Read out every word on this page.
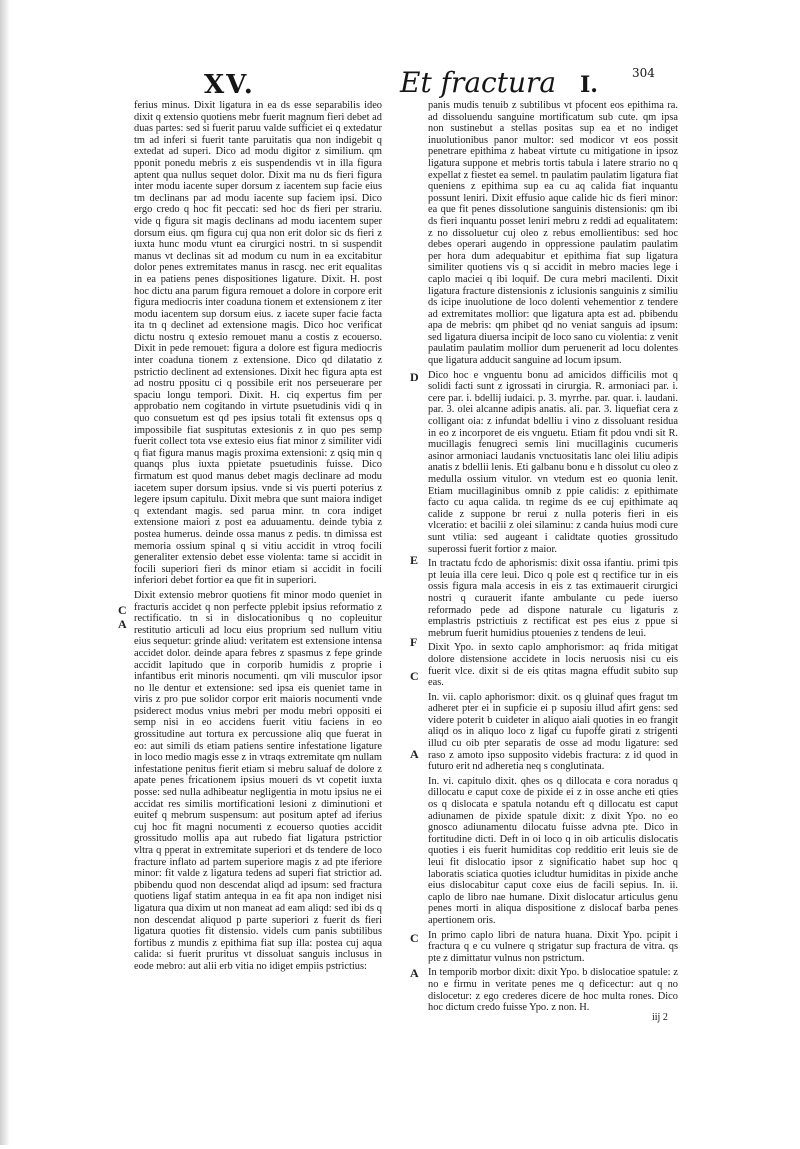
XV.	Et fractura I.	304

ferius minus. Dixit ligatura in ea ds esse separabilis ideo dixit q extensio quotiens mebr fuerit magnum fieri debet ad duas partes: sed si fuerit paruu valde sufficiet ei q extedatur tm ad inferi si fuerit tante paruitatis qua non indigebit q extedat ad superi. Dico ad modu digitor z similium. qm pponit ponedu mebris z eis suspendendis vt in illa figura aptent qua nullus sequet dolor. Dixit ma nu ds fieri figura inter modu iacente super dorsum z iacentem sup facie eius tm declinans par ad modu iacente sup faciem ipsi. Dico ergo credo q hoc fit peccati: sed hoc ds fieri per strariu. vide q figura sit magis declinans ad modu iacentem super dorsum eius. qm figura cuj qua non erit dolor sic ds fieri z iuxta hunc modu vtunt ea cirurgici nostri. tn si suspendit manus vt declinas sit ad modum cu num in ea excitabitur dolor penes extremitates manus in rascg. nec erit equalitas in ea patiens penes dispositiones ligature. Dixit. H. post hoc dictu ana parum figura remouet a dolore in corpore erit figura mediocris inter coaduna tionem et extensionem z iter modu iacentem sup dorsum eius. z iacete super facie facta ita tn q declinet ad extensione magis. Dico hoc verificat dictu nostru q extesio remouet manu a costis z ecouerso. Dixit in pede remouet: figura a dolore est figura mediocris inter coaduna tionem z extensione. Dico qd dilatatio z pstrictio declinent ad extensiones. Dixit hec figura apta est ad nostru ppositu ci q possibile erit nos perseuerare per spaciu longu tempori. Dixit. H. ciq expertus fim per approbatio nem cogitando in virtute psuetudinis vidi q in quo consuetum est qd pes ipsius totali fit extensus ops q impossibile fiat suspitutas extesionis z in quo pes semp fuerit collect tota vse extesio eius fiat minor z similiter vidi q fiat figura manus magis proxima extensioni: z qsiq min q quanqs plus iuxta ppietate psuetudinis fuisse. Dico firmatum est quod manus debet magis declinare ad modu iacetem super dorsum ipsius. vnde si vis puerti poterius z legere ipsum capitulu. Dixit mebra que sunt maiora indiget q extendant magis. sed parua minr. tn cora indiget extensione maiori z post ea aduuamentu. deinde tybia z postea humerus. deinde ossa manus z pedis. tn dimissa est memoria ossium spinal q si vitiu accidit in vtroq focili generaliter extensio debet esse violenta: tame si accidit in focili superiori fieri ds minor etiam si accidit in focili inferiori debet fortior ea que fit in superiori.

Dixit extensio mebror quotiens fit minor modo queniet in fracturis accidet q non perfecte pplebit ipsius reformatio z rectificatio. tn si in dislocationibus q no copleuitur restitutio articuli ad locu eius proprium sed nullum vitiu eius sequetur: grinde aliud: veritatem est extensione intensa accidet dolor. deinde apara febres z spasmus z fepe grinde accidit lapitudo que in corporib humidis z proprie i infantibus erit minoris nocumenti. qm vili musculor ipsor no lle dentur et extensione: sed ipsa eis queniet tame in viris z pro pue solidor corpor erit maioris nocumenti vnde psiderect modus vnius mebri per modu mebri oppositi ei semp nisi in eo accidens fuerit vitiu faciens in eo grossitudine aut tortura ex percussione aliq que fuerat in eo: aut simili ds etiam patiens sentire infestatione ligature in loco medio magis esse z in vtraqs extremitate qm nullam infestatione penitus fierit etiam si mebru saluaf de dolore z apate penes fricationem ipsius moueri ds vt copetit iuxta posse: sed nulla adhibeatur negligentia in motu ipsius ne ei accidat res similis mortificationi lesioni z diminutioni et euitef q mebrum suspensum: aut positum aptef ad iferius cuj hoc fit magni nocumenti z ecouerso quoties accidit grossitudo mollis apa aut rubedo fiat ligatura pstrictior vltra q pperat in extremitate superiori et ds tendere de loco fracture inflato ad partem superiore magis z ad pte iferiore minor: fit valde z ligatura tedens ad superi fiat strictior ad. pbibendu quod non descendat aliqd ad ipsum: sed fractura quotiens ligaf statim antequa in ea fit apa non indiget nisi ligatura qua dixim ut non maneat ad eam aliqd: sed ibi ds q non descendat aliquod p parte superiori z fuerit ds fieri ligatura quoties fit distensio. videls cum panis subtilibus fortibus z mundis z epithima fiat sup illa: postea cuj aqua calida: si fuerit pruritus vt dissoluat sanguis inclusus in eode mebro: aut alii erb vitia no idiget empiis pstrictius:

C
A

panis mudis tenuib z subtilibus vt pfocent eos epithima ra. ad dissoluendu sanguine mortificatum sub cute. qm ipsa non sustinebut a stellas positas sup ea et no indiget inuolutionibus panor multor: sed modicor vt eos possit penetrare epithima z habeat virtute cu mitigatione in ipsoz ligatura suppone et mebris tortis tabula i latere strario no q expellat z fiestet ea semel. tn paulatim paulatim ligatura fiat queniens z epithima sup ea cu aq calida fiat inquantu possunt leniri. Dixit effusio aque calide hic ds fieri minor: ea que fit penes dissolutione sanguinis distensionis: qm ibi ds fieri inquantu posset leniri mebru z reddi ad equalitatem: z no dissoluetur cuj oleo z rebus emollientibus: sed hoc debes operari augendo in oppressione paulatim paulatim per hora dum adequabitur et epithima fiat sup ligatura similiter quotiens vis q si accidit in mebro macies lege i caplo maciei q ibi loquif. De cura mebri macilenti. Dixit ligatura fracture distensionis z iclusionis sanguinis z similiu ds icipe inuolutione de loco dolenti vehementior z tendere ad extremitates mollior: que ligatura apta est ad. pbibendu apa de mebris: qm phibet qd no veniat sanguis ad ipsum: sed ligatura diuersa incipit de loco sano cu violentia: z venit paulatim paulatim mollior dum peruenerit ad locu dolentes que ligatura adducit sanguine ad locum ipsum.

Dico hoc e vnguentu bonu ad amicidos difficilis mot q solidi facti sunt z igrossati in cirurgia. R. armoniaci par. i. cere par. i. bdellij iudaici. p. 3. myrrhe. par. quar. i. laudani. par. 3. olei alcanne adipis anatis. ali. par. 3. liquefiat cera z colligant oia: z infundat bdelliu i vino z dissoluant residua in eo z incorporet de eis vnguetu. Etiam fit pdou vndi sit R. mucillagis fenugreci semis lini mucillaginis cucumeris asinor armoniaci laudanis vnctuositatis lanc olei liliu adipis anatis z bdellii lenis. Eti galbanu bonu e h dissolut cu oleo z medulla ossium vitulor. vn vtedum est eo quonia lenit. Etiam mucillaginibus omnib z ppie calidis: z epithimate facto cu aqua calida. tn regime ds ee cuj epithimate aq calide z suppone br rerui z nulla poteris fieri in eis vlceratio: et bacilii z olei silaminu: z canda huius modi cure sunt vtilia: sed augeant i calidtate quoties grossitudo superossi fuerit fortior z maior.

In tractatu fcdo de aphorismis: dixit ossa ifantiu. primi tpis pt leuia illa cere leui. Dico q pole est q rectifice tur in eis ossis figura mala accesis in eis z tas extimauerit cirurgici nostri q curauerit ifante ambulante cu pede iuerso reformado pede ad dispone naturale cu ligaturis z emplastris pstrictiuis z rectificat est pes eius z ppue si mebrum fuerit humidius ptouenies z tendens de leui.

Dixit Ypo. in sexto caplo amphorismor: aq frida mitigat dolore distensione accidete in locis neruosis nisi cu eis fuerit vlce. dixit si de eis qtitas magna effudit subito sup eas.

In. vii. caplo aphorismor: dixit. os q gluinaf ques fragut tm adheret pter ei in supficie ei p suposiu illud afirt gens: sed videre poterit b cuideter in aliquo aiali quoties in eo frangit aliqd os in aliquo loco z ligaf cu fupoffe girati z strigenti illud cu oib pter separatis de osse ad modu ligature: sed raso z amoto ipso supposito videbis fractura: z id quod in futuro erit nd adheretia neq s conglutinata.

In. vi. capitulo dixit. qhes os q dillocata e cora noradus q dillocatu e caput coxe de pixide ei z in osse anche eti qties os q dislocata e spatula notandu eft q dillocatu est caput adiunamen de pixide spatule dixit: z dixit Ypo. no eo gnosco adiunamentu dilocatu fuisse advna pte. Dico in fortitudine dicti. Deft in oi loco q in oib articulis dislocatis quoties i eis fuerit humiditas cop redditio erit leuis sie de leui fit dislocatio ipsor z significatio habet sup hoc q laboratis sciatica quoties icludtur humiditas in pixide anche eius dislocabitur caput coxe eius de facili sepius. In. ii. caplo de libro nae humane. Dixit dislocatur articulus genu penes morti in aliqua dispositione z dislocaf barba penes apertionem oris.

In primo caplo libri de natura huana. Dixit Ypo. pcipit i fractura q e cu vulnere q strigatur sup fractura de vitra. qs pte z dimittatur vulnus non pstrictum.

In temporib morbor dixit: dixit Ypo. b dislocatioe spatule: z no e firmu in veritate penes me q deficectur: aut q no dislocetur: z ego crederes dicere de hoc multa rones. Dico hoc dictum credo fuisse Ypo. z non. H.

D
E
F
C
A
C
A
iij 2
